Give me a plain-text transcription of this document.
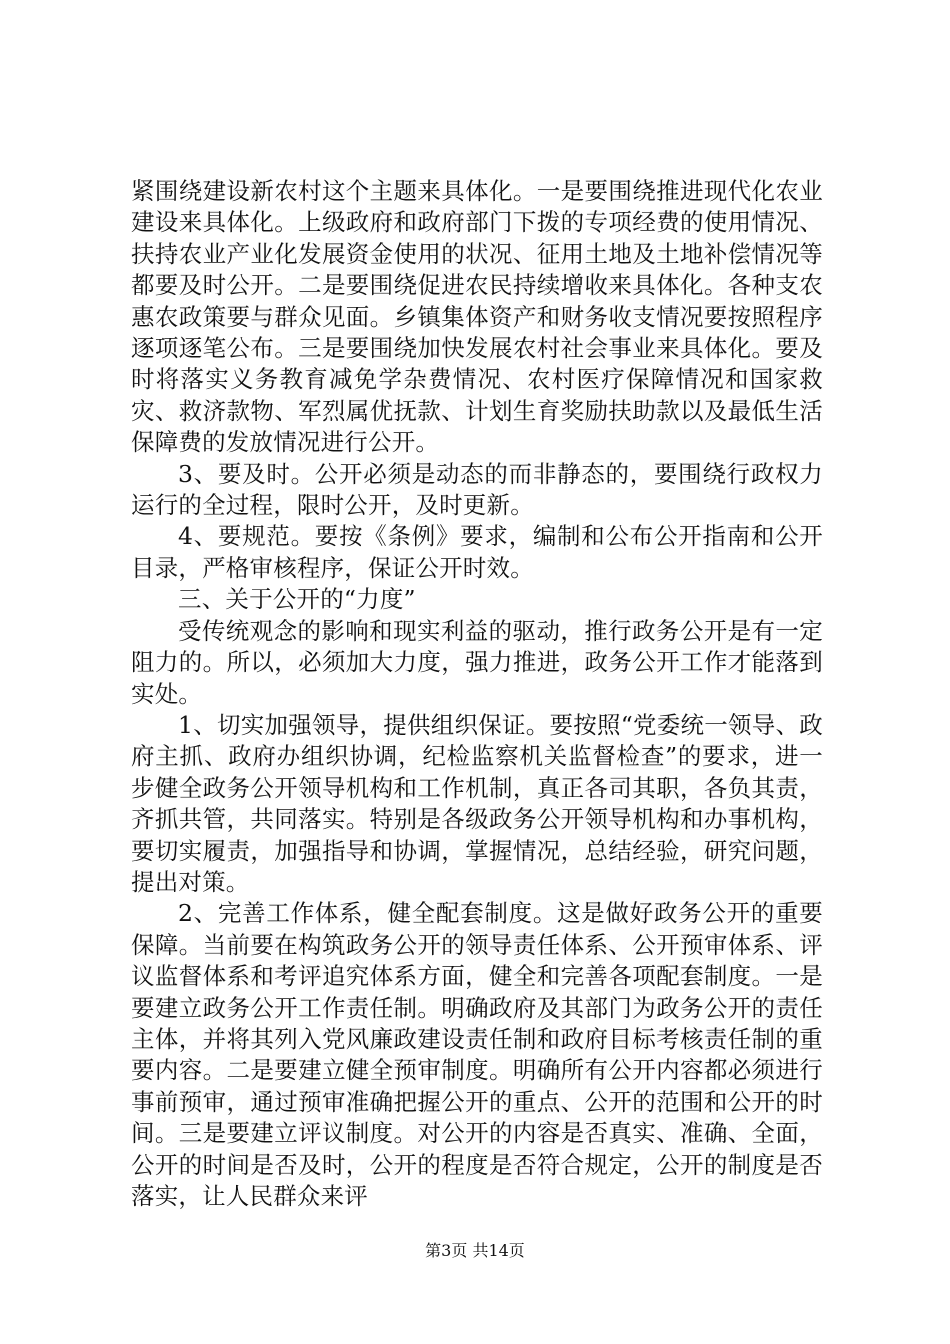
紧围绕建设新农村这个主题来具体化。一是要围绕推进现代化农业建设来具体化。上级政府和政府部门下拨的专项经费的使用情况、扶持农业产业化发展资金使用的状况、征用土地及土地补偿情况等都要及时公开。二是要围绕促进农民持续增收来具体化。各种支农惠农政策要与群众见面。乡镇集体资产和财务收支情况要按照程序逐项逐笔公布。三是要围绕加快发展农村社会事业来具体化。要及时将落实义务教育减免学杂费情况、农村医疗保障情况和国家救灾、救济款物、军烈属优抚款、计划生育奖励扶助款以及最低生活保障费的发放情况进行公开。

3、要及时。公开必须是动态的而非静态的，要围绕行政权力运行的全过程，限时公开，及时更新。

4、要规范。要按《条例》要求，编制和公布公开指南和公开目录，严格审核程序，保证公开时效。

三、关于公开的“力度”

受传统观念的影响和现实利益的驱动，推行政务公开是有一定阻力的。所以，必须加大力度，强力推进，政务公开工作才能落到实处。

1、切实加强领导，提供组织保证。要按照“党委统一领导、政府主抓、政府办组织协调，纪检监察机关监督检查”的要求，进一步健全政务公开领导机构和工作机制，真正各司其职，各负其责，齐抓共管，共同落实。特别是各级政务公开领导机构和办事机构，要切实履责，加强指导和协调，掌握情况，总结经验，研究问题，提出对策。

2、完善工作体系，健全配套制度。这是做好政务公开的重要保障。当前要在构筑政务公开的领导责任体系、公开预审体系、评议监督体系和考评追究体系方面，健全和完善各项配套制度。一是要建立政务公开工作责任制。明确政府及其部门为政务公开的责任主体，并将其列入党风廉政建设责任制和政府目标考核责任制的重要内容。二是要建立健全预审制度。明确所有公开内容都必须进行事前预审，通过预审准确把握公开的重点、公开的范围和公开的时间。三是要建立评议制度。对公开的内容是否真实、准确、全面，公开的时间是否及时，公开的程度是否符合规定，公开的制度是否落实，让人民群众来评

第3页 共14页
